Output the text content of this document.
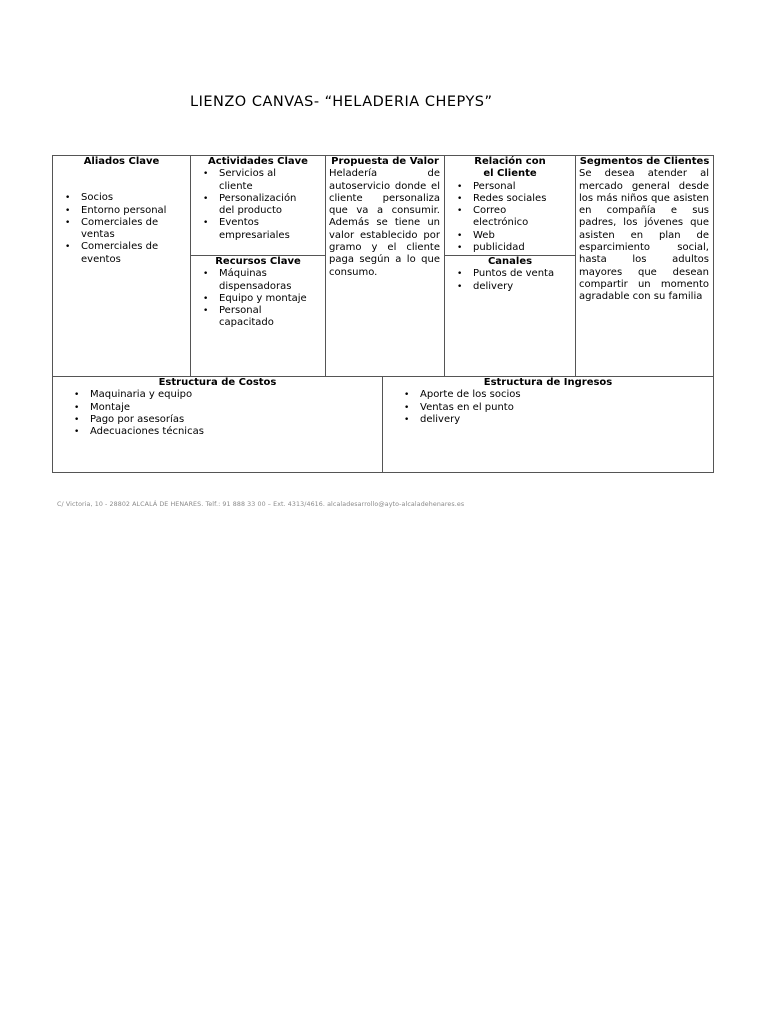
LIENZO CANVAS- “HELADERIA CHEPYS”
Aliados Clave
• Socios
• Entorno personal
• Comerciales de ventas
• Comerciales de eventos
Actividades Clave
• Servicios al cliente
• Personalización del producto
• Eventos empresariales
Recursos Clave
• Máquinas dispensadoras
• Equipo y montaje
• Personal capacitado
Propuesta de Valor

Heladería de autoservicio donde el cliente personaliza que va a consumir. Además se tiene un valor establecido por gramo y el cliente paga según a lo que consumo.

Relación con el Cliente
• Personal
• Redes sociales
• Correo electrónico
• Web
• publicidad
Canales
• Puntos de venta
• delivery
Segmentos de Clientes

Se desea atender al mercado general desde los más niños que asisten en compañía e sus padres, los jóvenes que asisten en plan de esparcimiento social, hasta los adultos mayores que desean compartir un momento agradable con su familia

Estructura de Costos
• Maquinaria y equipo
• Montaje
• Pago por asesorías
• Adecuaciones técnicas
Estructura de Ingresos
• Aporte de los socios
• Ventas en el punto
• delivery
C/ Victoria, 10 - 28802 ALCALÁ DE HENARES. Telf.: 91 888 33 00 – Ext. 4313/4616. alcaladesarrollo@ayto-alcaladehenares.es
